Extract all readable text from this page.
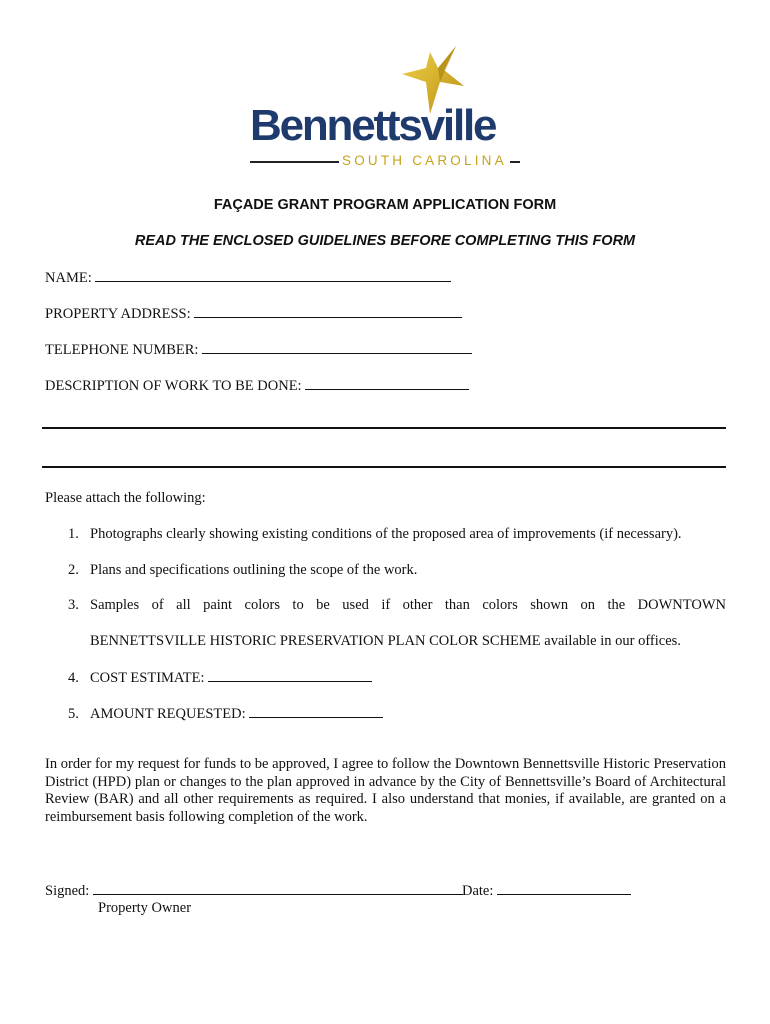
Bennettsville
SOUTH CAROLINA
FAÇADE GRANT PROGRAM APPLICATION FORM
READ THE ENCLOSED GUIDELINES BEFORE COMPLETING THIS FORM
NAME:
PROPERTY ADDRESS:
TELEPHONE NUMBER:
DESCRIPTION OF WORK TO BE DONE:
Please attach the following:
1. Photographs clearly showing existing conditions of the proposed area of improvements (if necessary).
2. Plans and specifications outlining the scope of the work.
3. Samples of all paint colors to be used if other than colors shown on the DOWNTOWN
BENNETTSVILLE HISTORIC PRESERVATION PLAN COLOR SCHEME available in our offices.
4. COST ESTIMATE:
5. AMOUNT REQUESTED:
In order for my request for funds to be approved, I agree to follow the Downtown Bennettsville Historic Preservation District (HPD) plan or changes to the plan approved in advance by the City of Bennettsville’s Board of Architectural Review (BAR) and all other requirements as required. I also understand that monies, if available, are granted on a reimbursement basis following completion of the work.
Signed:	Date:
Property Owner
